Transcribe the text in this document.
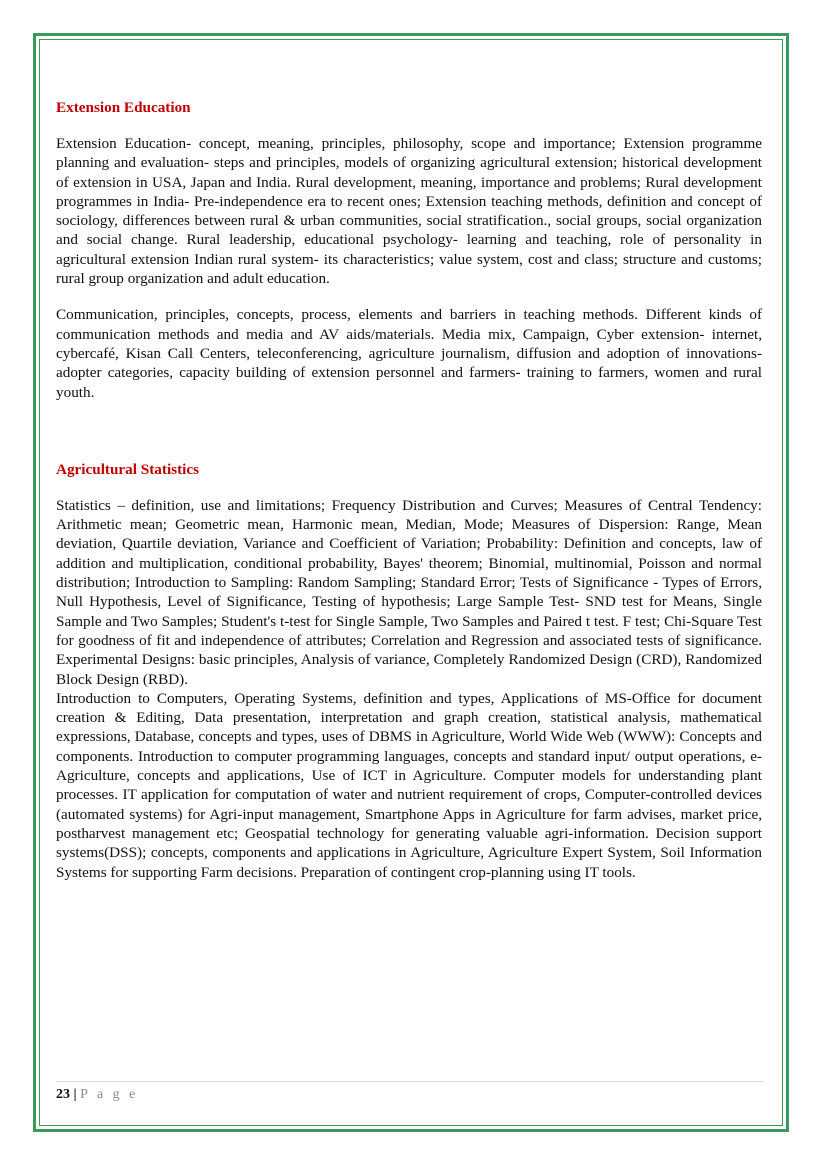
Extension Education

Extension Education- concept, meaning, principles, philosophy, scope and importance; Extension programme planning and evaluation- steps and principles, models of organizing agricultural extension; historical development of extension in USA, Japan and India. Rural development, meaning, importance and problems; Rural development programmes in India- Pre-independence era to recent ones; Extension teaching methods, definition and concept of sociology, differences between rural & urban communities, social stratification., social groups, social organization and social change. Rural leadership, educational psychology- learning and teaching, role of personality in agricultural extension Indian rural system- its characteristics; value system, cost and class; structure and customs; rural group organization and adult education.

Communication, principles, concepts, process, elements and barriers in teaching methods. Different kinds of communication methods and media and AV aids/materials. Media mix, Campaign, Cyber extension- internet, cybercafé, Kisan Call Centers, teleconferencing, agriculture journalism, diffusion and adoption of innovations- adopter categories, capacity building of extension personnel and farmers- training to farmers, women and rural youth.

Agricultural Statistics

Statistics – definition, use and limitations; Frequency Distribution and Curves; Measures of Central Tendency: Arithmetic mean; Geometric mean, Harmonic mean, Median, Mode; Measures of Dispersion: Range, Mean deviation, Quartile deviation, Variance and Coefficient of Variation; Probability: Definition and concepts, law of addition and multiplication, conditional probability, Bayes' theorem; Binomial, multinomial, Poisson and normal distribution; Introduction to Sampling: Random Sampling; Standard Error; Tests of Significance - Types of Errors, Null Hypothesis, Level of Significance, Testing of hypothesis; Large Sample Test- SND test for Means, Single Sample and Two Samples; Student's t-test for Single Sample, Two Samples and Paired t test. F test; Chi-Square Test for goodness of fit and independence of attributes; Correlation and Regression and associated tests of significance. Experimental Designs: basic principles, Analysis of variance, Completely Randomized Design (CRD), Randomized Block Design (RBD).

Introduction to Computers, Operating Systems, definition and types, Applications of MS-Office for document creation & Editing, Data presentation, interpretation and graph creation, statistical analysis, mathematical expressions, Database, concepts and types, uses of DBMS in Agriculture, World Wide Web (WWW): Concepts and components. Introduction to computer programming languages, concepts and standard input/ output operations, e-Agriculture, concepts and applications, Use of ICT in Agriculture. Computer models for understanding plant processes. IT application for computation of water and nutrient requirement of crops, Computer-controlled devices (automated systems) for Agri-input management, Smartphone Apps in Agriculture for farm advises, market price, postharvest management etc; Geospatial technology for generating valuable agri-information. Decision support systems(DSS); concepts, components and applications in Agriculture, Agriculture Expert System, Soil Information Systems for supporting Farm decisions. Preparation of contingent crop-planning using IT tools.

23 | P a g e
